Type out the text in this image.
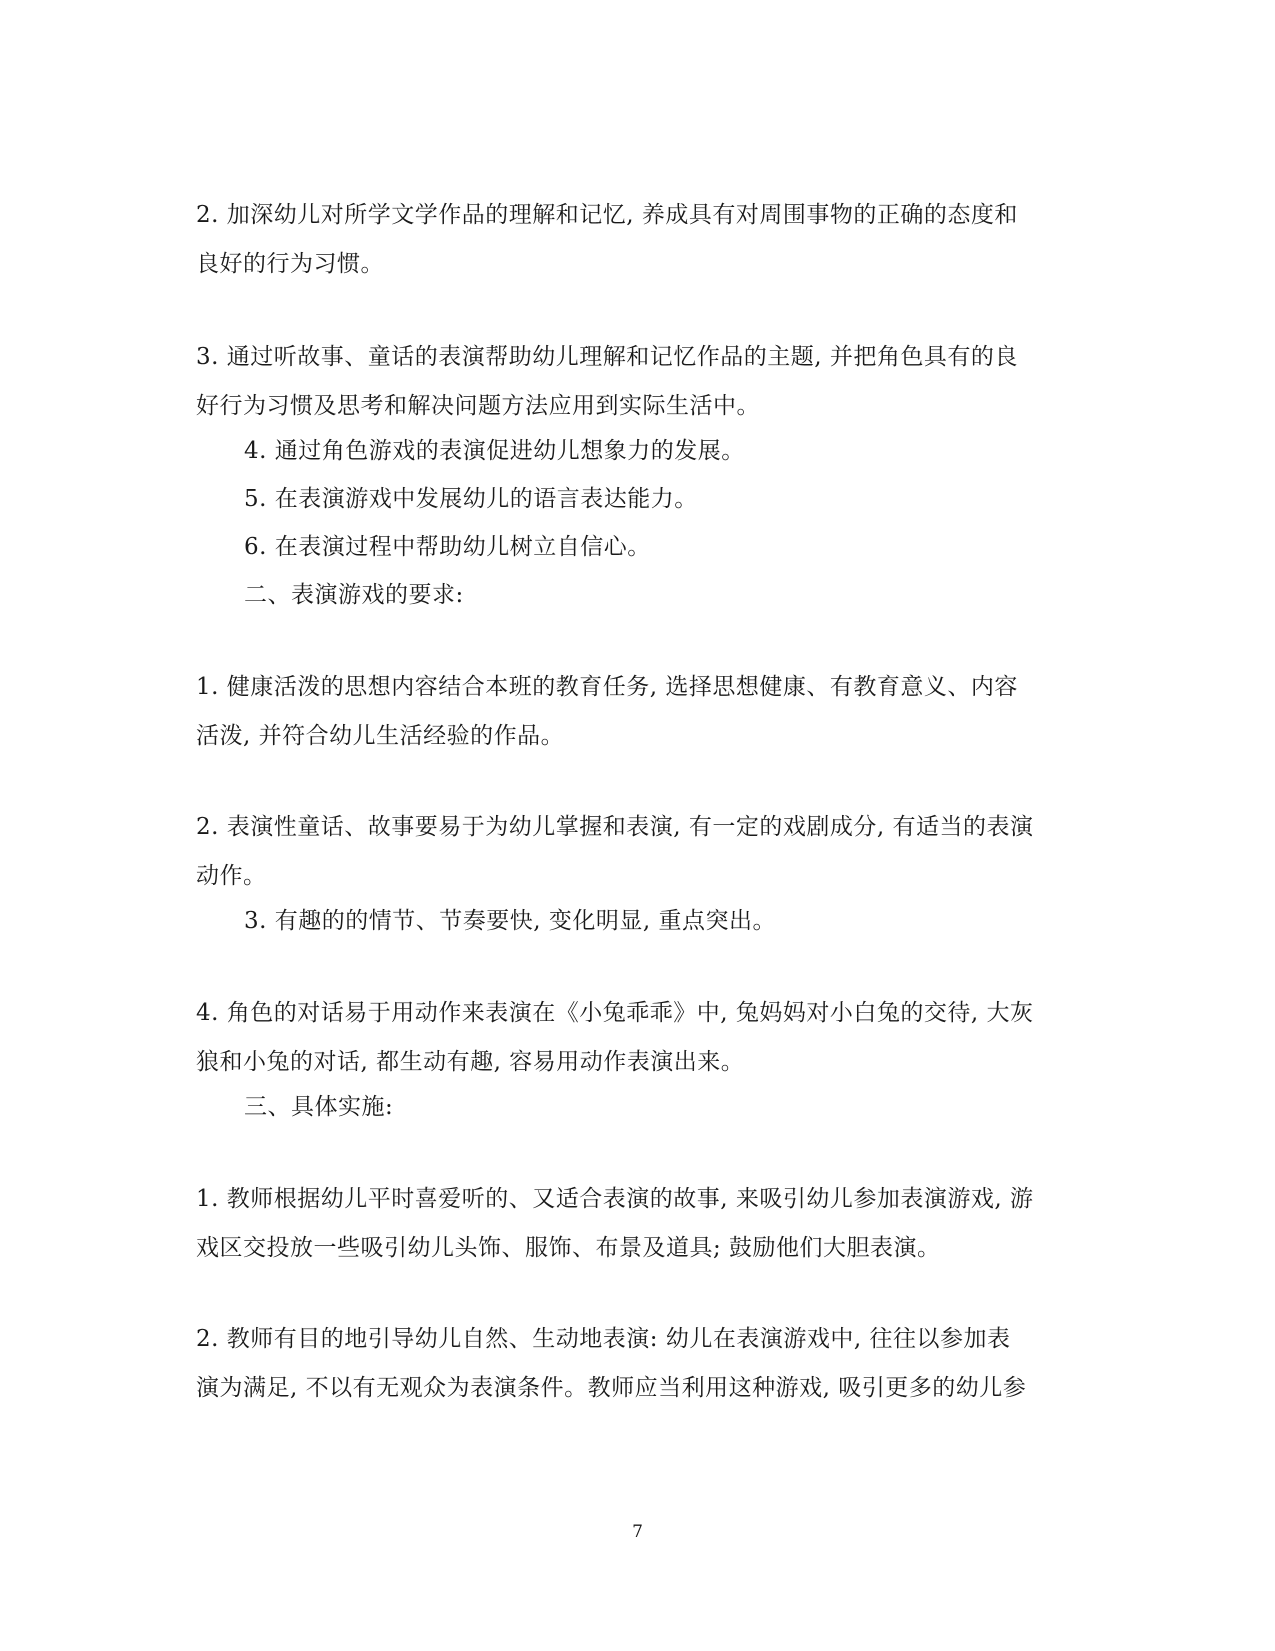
2. 加深幼儿对所学文学作品的理解和记忆, 养成具有对周围事物的正确的态度和
良好的行为习惯。

3. 通过听故事、童话的表演帮助幼儿理解和记忆作品的主题, 并把角色具有的良
好行为习惯及思考和解决问题方法应用到实际生活中。

4. 通过角色游戏的表演促进幼儿想象力的发展。

5. 在表演游戏中发展幼儿的语言表达能力。

6. 在表演过程中帮助幼儿树立自信心。

二、表演游戏的要求:

1. 健康活泼的思想内容结合本班的教育任务, 选择思想健康、有教育意义、内容
活泼, 并符合幼儿生活经验的作品。

2. 表演性童话、故事要易于为幼儿掌握和表演, 有一定的戏剧成分, 有适当的表演
动作。

3. 有趣的的情节、节奏要快, 变化明显, 重点突出。

4. 角色的对话易于用动作来表演在《小兔乖乖》中, 兔妈妈对小白兔的交待, 大灰
狼和小兔的对话, 都生动有趣, 容易用动作表演出来。

三、具体实施:

1. 教师根据幼儿平时喜爱听的、又适合表演的故事, 来吸引幼儿参加表演游戏, 游
戏区交投放一些吸引幼儿头饰、服饰、布景及道具; 鼓励他们大胆表演。

2. 教师有目的地引导幼儿自然、生动地表演: 幼儿在表演游戏中, 往往以参加表
演为满足, 不以有无观众为表演条件。教师应当利用这种游戏, 吸引更多的幼儿参

7
